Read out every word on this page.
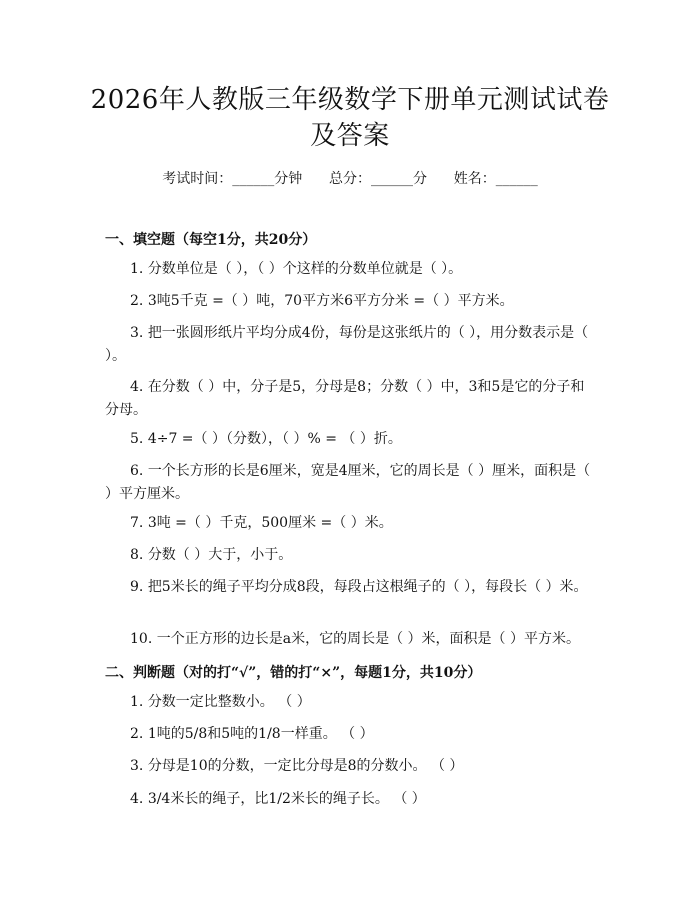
2026年人教版三年级数学下册单元测试试卷
及答案
考试时间：______分钟      总分：______分      姓名：______
一、填空题（每空1分，共20分）
1. 分数单位是（ ），（ ）个这样的分数单位就是（ ）。
2. 3吨5千克 =（ ）吨，70平方米6平方分米 =（ ）平方米。
3. 把一张圆形纸片平均分成4份，每份是这张纸片的（ ），用分数表示是（ ）。
4. 在分数（ ）中，分子是5，分母是8；分数（ ）中，3和5是它的分子和分母。
5. 4÷7 =（ ）（分数），（ ）% = （ ）折。
6. 一个长方形的长是6厘米，宽是4厘米，它的周长是（ ）厘米，面积是（ ）平方厘米。
7. 3吨 =（ ）千克，500厘米 =（ ）米。
8. 分数（ ）大于，小于。
9. 把5米长的绳子平均分成8段，每段占这根绳子的（ ），每段长（ ）米。
10. 一个正方形的边长是a米，它的周长是（ ）米，面积是（ ）平方米。
二、判断题（对的打“√”，错的打“×”，每题1分，共10分）
1. 分数一定比整数小。 （ ）
2. 1吨的5/8和5吨的1/8一样重。 （ ）
3. 分母是10的分数，一定比分母是8的分数小。 （ ）
4. 3/4米长的绳子，比1/2米长的绳子长。 （ ）
